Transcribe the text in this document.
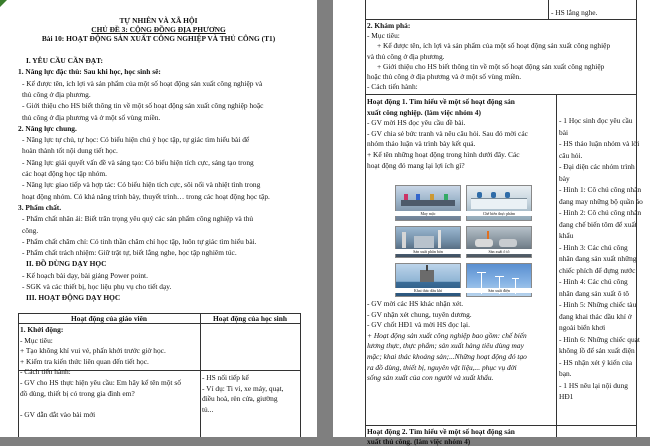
TỰ NHIÊN VÀ XÃ HỘI
CHỦ ĐỀ 3: CỘNG ĐỒNG ĐỊA PHƯƠNG
Bài 10: HOẠT ĐỘNG SẢN XUẤT CÔNG NGHIỆP VÀ THỦ CÔNG (T1)
I. YÊU CẦU CẦN ĐẠT:
1. Năng lực đặc thù: Sau khi học, học sinh sẽ:
- Kể được tên, ích lợi và sản phẩm của một số hoạt động sản xuất công nghiệp và
thủ công ở địa phương.
- Giới thiệu cho HS biết thông tin về một số hoạt động sản xuất công nghiệp hoặc
thủ công ở địa phương và ở một số vùng miền.
2. Năng lực chung.
- Năng lực tự chủ, tự học: Có biểu hiện chú ý học tập, tự giác tìm hiểu bài để
hoàn thành tốt nội dung tiết học.
- Năng lực giải quyết vấn đề và sáng tạo: Có biểu hiện tích cực, sáng tạo trong
các hoạt động học tập nhóm.
- Năng lực giao tiếp và hợp tác: Có biểu hiện tích cực, sôi nổi và nhiệt tình trong
hoạt động nhóm. Có khả năng trình bày, thuyết trình… trong các hoạt động học tập.
3. Phẩm chất.
- Phẩm chất nhân ái: Biết trân trọng yêu quý các sản phẩm công nghiệp và thủ
công.
- Phẩm chất chăm chỉ: Có tinh thần chăm chỉ học tập, luôn tự giác tìm hiểu bài.
- Phẩm chất trách nhiệm: Giữ trật tự, biết lắng nghe, học tập nghiêm túc.
II. ĐỒ DÙNG DẠY HỌC
- Kế hoạch bài dạy, bài giảng Power point.
- SGK và các thiết bị, học liệu phụ vụ cho tiết dạy.
III. HOẠT ĐỘNG DẠY HỌC
Hoạt động của giáo viên	Hoạt động của học sinh
1. Khởi động:
- Mục tiêu:
+ Tạo không khí vui vẻ, phấn khởi trước giờ học.
+ Kiểm tra kiến thức liên quan đến tiết học.
- Cách tiến hành:
- GV cho HS thực hiện yêu cầu: Em hãy kể tên một số
đồ dùng, thiết bị có trong gia đình em?
- GV dẫn dắt vào bài mới
- HS nối tiếp kể
- Ví dụ: Ti vi, xe máy, quạt,
điều hoà, rèn cửa, giường
tủ...
- HS lắng nghe.
2. Khám phá:
- Mục tiêu:
+ Kể được tên, ích lợi và sản phẩm của một số hoạt động sản xuất công nghiệp
và thủ công ở địa phương.
+ Giới thiệu cho HS biết thông tin về một số hoạt động sản xuất công nghiệp
hoặc thủ công ở địa phương và ở một số vùng miền.
- Cách tiến hành:
Hoạt động 1. Tìm hiểu về một số hoạt động sản
xuất công nghiệp. (làm việc nhóm 4)
- GV mời HS đọc yêu cầu đề bài.
- GV chia sẻ bức tranh và nêu câu hỏi. Sau đó mời các
nhóm thảo luận và trình bày kết quả.
+ Kể tên những hoạt động trong hình dưới đây. Các
hoạt động đó mang lại lợi ích gì?
May mặc	Chế biến thực phẩm
Sản xuất phân bón	Sản xuất ô tô
Khai thác dầu khí	Sản xuất điện
- GV mời các HS khác nhận xét.
- GV nhận xét chung, tuyên dương.
- GV chốt HĐ1 và mời HS đọc lại.
+ Hoạt động sản xuất công nghiệp bao gồm: chế biến
lương thực, thực phẩm; sản xuất hàng tiêu dùng may
mặc; khai thác khoáng sản;...Những hoạt động đó tạo
ra đồ dùng, thiết bị, nguyên vật liệu,... phục vụ đời
sống sản xuất của con người và xuất khẩu.
- 1 Học sinh đọc yêu cầu
bài
- HS thảo luận nhóm và lời
câu hỏi.
- Đại diện các nhóm trình
bày
- Hình 1: Cô chú công nhân
đang may những bộ quần áo
- Hình 2: Cô chú công nhân
đang chế biến tôm để xuất
khẩu
- Hình 3: Các chú công
nhân đang sản xuất những
chiếc phích để đựng nước
- Hình 4: Các chú công
nhân đang sản xuất ô tô
- Hình 5: Những chiếc tàu
đang khai thác dầu khí ở
ngoài biển khơi
- Hình 6: Những chiếc quạt
không lồ để sản xuất điện
- HS nhận xét ý kiến của
bạn.
- 1 HS nêu lại nội dung
HĐ1
Hoạt động 2. Tìm hiểu về một số hoạt động sản
xuất thủ công. (làm việc nhóm 4)
